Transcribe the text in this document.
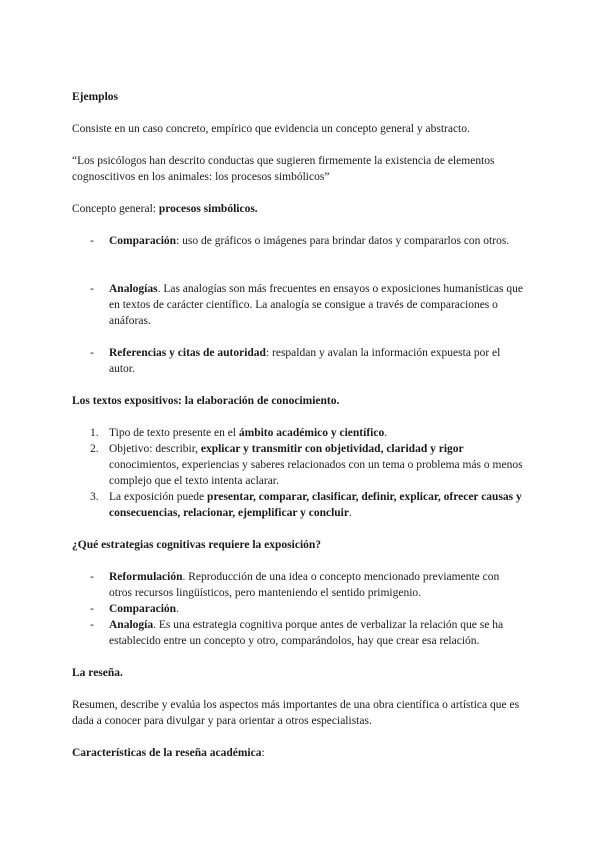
Ejemplos

Consiste en un caso concreto, empírico que evidencia un concepto general y abstracto.

“Los psicólogos han descrito conductas que sugieren firmemente la existencia de elementos cognoscitivos en los animales: los procesos simbólicos”

Concepto general: procesos simbólicos.

- Comparación: uso de gráficos o imágenes para brindar datos y compararlos con otros.
- Analogías. Las analogías son más frecuentes en ensayos o exposiciones humanísticas que en textos de carácter científico. La analogía se consigue a través de comparaciones o anáforas.
- Referencias y citas de autoridad: respaldan y avalan la información expuesta por el autor.

Los textos expositivos: la elaboración de conocimiento.

1. Tipo de texto presente en el ámbito académico y científico.
2. Objetivo: describir, explicar y transmitir con objetividad, claridad y rigor conocimientos, experiencias y saberes relacionados con un tema o problema más o menos complejo que el texto intenta aclarar.
3. La exposición puede presentar, comparar, clasificar, definir, explicar, ofrecer causas y consecuencias, relacionar, ejemplificar y concluir.

¿Qué estrategias cognitivas requiere la exposición?

- Reformulación. Reproducción de una idea o concepto mencionado previamente con otros recursos lingüísticos, pero manteniendo el sentido primigenio.
- Comparación.
- Analogía. Es una estrategia cognitiva porque antes de verbalizar la relación que se ha establecido entre un concepto y otro, comparándolos, hay que crear esa relación.

La reseña.

Resumen, describe y evalúa los aspectos más importantes de una obra científica o artística que es dada a conocer para divulgar y para orientar a otros especialistas.

Características de la reseña académica:
